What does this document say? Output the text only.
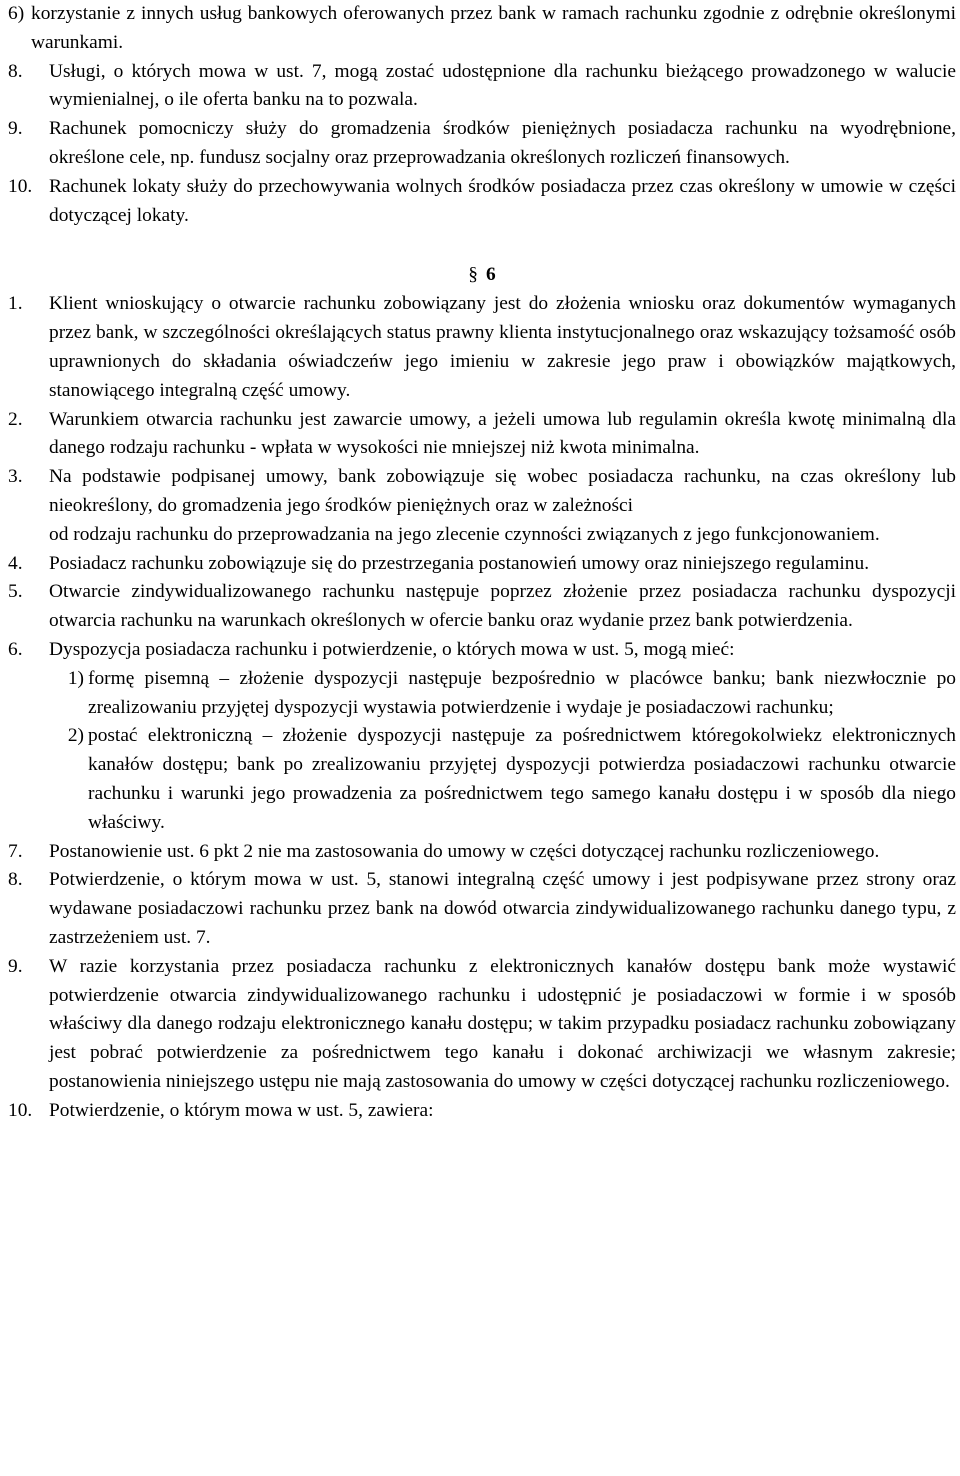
6) korzystanie z innych usług bankowych oferowanych przez bank w ramach rachunku zgodnie z odrębnie określonymi warunkami.
8.	Usługi, o których mowa w ust. 7, mogą zostać udostępnione dla rachunku bieżącego prowadzonego w walucie wymienialnej, o ile oferta banku na to pozwala.
9.	Rachunek pomocniczy służy do gromadzenia środków pieniężnych posiadacza rachunku na wyodrębnione, określone cele, np. fundusz socjalny oraz przeprowadzania określonych rozliczeń finansowych.
10. Rachunek lokaty służy do przechowywania wolnych środków posiadacza przez czas określony w umowie w części dotyczącej lokaty.
§ 6
1.	Klient wnioskujący o otwarcie rachunku zobowiązany jest do złożenia wniosku oraz dokumentów wymaganych przez bank, w szczególności określających status prawny klienta instytucjonalnego oraz wskazujący tożsamość osób uprawnionych do składania oświadczeńw jego imieniu w zakresie jego praw i obowiązków majątkowych, stanowiącego integralną część umowy.
2.	Warunkiem otwarcia rachunku jest zawarcie umowy, a jeżeli umowa lub regulamin określa kwotę minimalną dla danego rodzaju rachunku - wpłata w wysokości nie mniejszej niż kwota minimalna.
3.	Na podstawie podpisanej umowy, bank zobowiązuje się wobec posiadacza rachunku, na czas określony lub nieokreślony, do gromadzenia jego środków pieniężnych oraz w zależności
od rodzaju rachunku do przeprowadzania na jego zlecenie czynności związanych z jego funkcjonowaniem.
4.	Posiadacz rachunku zobowiązuje się do przestrzegania postanowień umowy oraz niniejszego regulaminu.
5.	Otwarcie zindywidualizowanego rachunku następuje poprzez złożenie przez posiadacza rachunku dyspozycji otwarcia rachunku na warunkach określonych w ofercie banku oraz wydanie przez bank potwierdzenia.
6.	Dyspozycja posiadacza rachunku i potwierdzenie, o których mowa w ust. 5, mogą mieć:
1) formę pisemną – złożenie dyspozycji następuje bezpośrednio w placówce banku; bank niezwłocznie po zrealizowaniu przyjętej dyspozycji wystawia potwierdzenie i wydaje je posiadaczowi rachunku;
2) postać elektroniczną – złożenie dyspozycji następuje za pośrednictwem któregokolwiekz elektronicznych kanałów dostępu; bank po zrealizowaniu przyjętej dyspozycji potwierdza posiadaczowi rachunku otwarcie rachunku i warunki jego prowadzenia za pośrednictwem tego samego kanału dostępu i w sposób dla niego właściwy.
7.	Postanowienie ust. 6 pkt 2 nie ma zastosowania do umowy w części dotyczącej rachunku rozliczeniowego.
8.	Potwierdzenie, o którym mowa w ust. 5, stanowi integralną część umowy i jest podpisywane przez strony oraz wydawane posiadaczowi rachunku przez bank na dowód otwarcia zindywidualizowanego rachunku danego typu, z zastrzeżeniem ust. 7.
9.	W razie korzystania przez posiadacza rachunku z elektronicznych kanałów dostępu bank może wystawić potwierdzenie otwarcia zindywidualizowanego rachunku i udostępnić je posiadaczowi w formie i w sposób właściwy dla danego rodzaju elektronicznego kanału dostępu; w takim przypadku posiadacz rachunku zobowiązany jest pobrać potwierdzenie za pośrednictwem tego kanału i dokonać archiwizacji we własnym zakresie; postanowienia niniejszego ustępu nie mają zastosowania do umowy w części dotyczącej rachunku rozliczeniowego.
10. Potwierdzenie, o którym mowa w ust. 5, zawiera:
